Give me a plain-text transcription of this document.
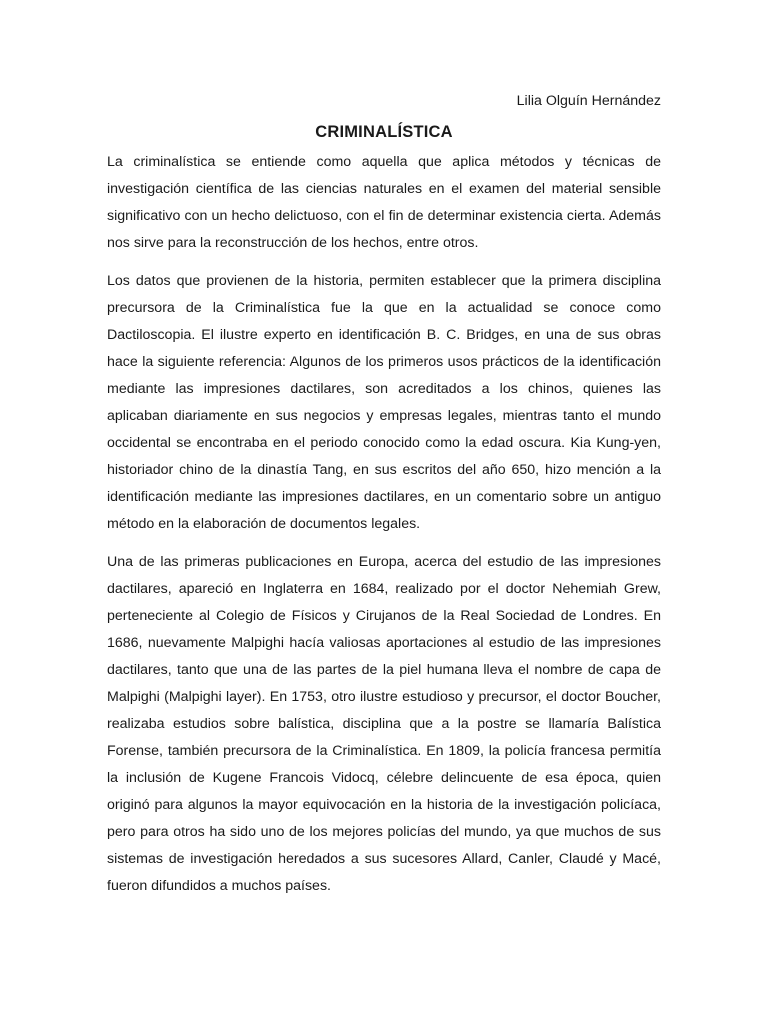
Lilia Olguín Hernández
CRIMINALÍSTICA

La criminalística se entiende como aquella que aplica métodos y técnicas de investigación científica de las ciencias naturales en el examen del material sensible significativo con un hecho delictuoso, con el fin de determinar existencia cierta. Además nos sirve para la reconstrucción de los hechos, entre otros.

Los datos que provienen de la historia, permiten establecer que la primera disciplina precursora de la Criminalística fue la que en la actualidad se conoce como Dactiloscopia. El ilustre experto en identificación B. C. Bridges, en una de sus obras hace la siguiente referencia: Algunos de los primeros usos prácticos de la identificación mediante las impresiones dactilares, son acreditados a los chinos, quienes las aplicaban diariamente en sus negocios y empresas legales, mientras tanto el mundo occidental se encontraba en el periodo conocido como la edad oscura. Kia Kung-yen, historiador chino de la dinastía Tang, en sus escritos del año 650, hizo mención a la identificación mediante las impresiones dactilares, en un comentario sobre un antiguo método en la elaboración de documentos legales.

Una de las primeras publicaciones en Europa, acerca del estudio de las impresiones dactilares, apareció en Inglaterra en 1684, realizado por el doctor Nehemiah Grew, perteneciente al Colegio de Físicos y Cirujanos de la Real Sociedad de Londres. En 1686, nuevamente Malpighi hacía valiosas aportaciones al estudio de las impresiones dactilares, tanto que una de las partes de la piel humana lleva el nombre de capa de Malpighi (Malpighi layer). En 1753, otro ilustre estudioso y precursor, el doctor Boucher, realizaba estudios sobre balística, disciplina que a la postre se llamaría Balística Forense, también precursora de la Criminalística. En 1809, la policía francesa permitía la inclusión de Kugene Francois Vidocq, célebre delincuente de esa época, quien originó para algunos la mayor equivocación en la historia de la investigación policíaca, pero para otros ha sido uno de los mejores policías del mundo, ya que muchos de sus sistemas de investigación heredados a sus sucesores Allard, Canler, Claudé y Macé, fueron difundidos a muchos países.
